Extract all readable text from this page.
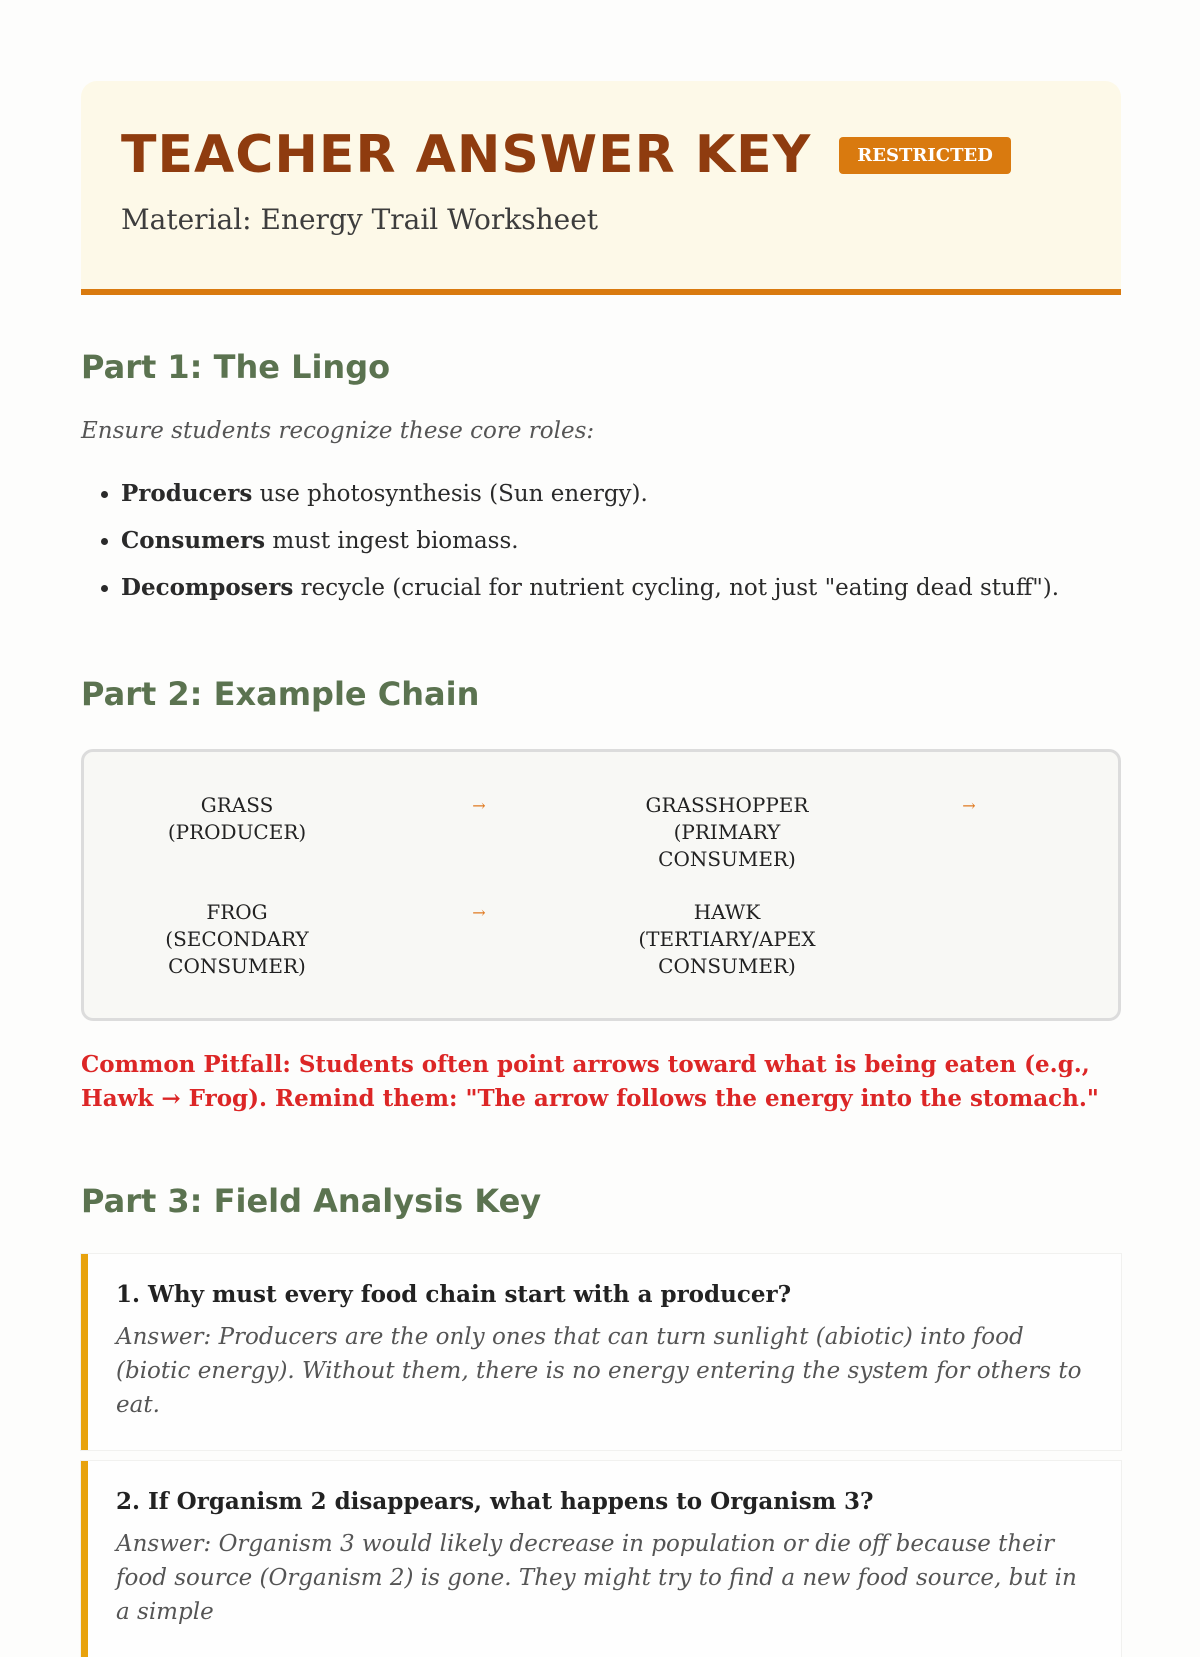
TEACHER ANSWER KEY	RESTRICTED
Material: Energy Trail Worksheet
Part 1: The Lingo
Ensure students recognize these core roles:
• Producers use photosynthesis (Sun energy).
• Consumers must ingest biomass.
• Decomposers recycle (crucial for nutrient cycling, not just "eating dead stuff").
Part 2: Example Chain
GRASS (PRODUCER)
→	GRASSHOPPER (PRIMARY CONSUMER)
→
FROG (SECONDARY CONSUMER)
→	HAWK (TERTIARY/APEX CONSUMER)

Common Pitfall: Students often point arrows toward what is being eaten (e.g., Hawk → Frog). Remind them: "The arrow follows the energy into the stomach."

Part 3: Field Analysis Key
1. Why must every food chain start with a producer?
Answer: Producers are the only ones that can turn sunlight (abiotic) into food (biotic energy). Without them, there is no energy entering the system for others to eat.
2. If Organism 2 disappears, what happens to Organism 3?
Answer: Organism 3 would likely decrease in population or die off because their food source (Organism 2) is gone. They might try to find a new food source, but in a simple
